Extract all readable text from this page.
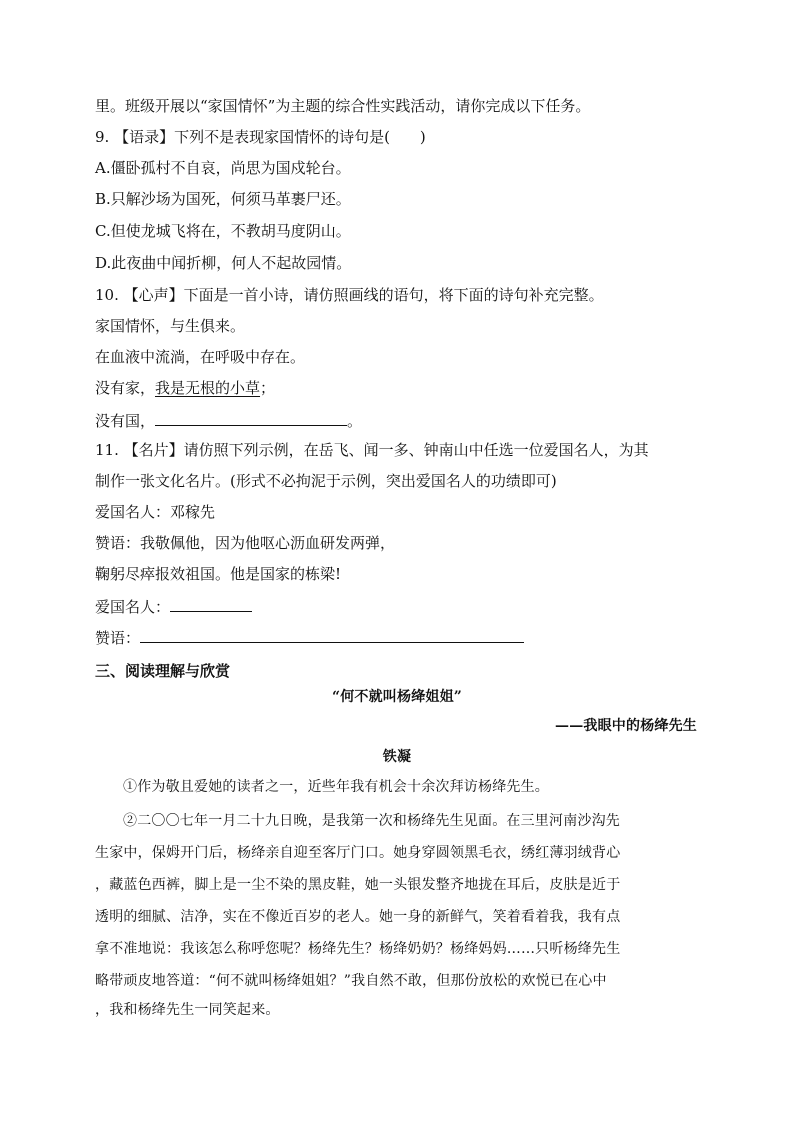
里。班级开展以“家国情怀”为主题的综合性实践活动，请你完成以下任务。
9. 【语录】下列不是表现家国情怀的诗句是(　　)
A.僵卧孤村不自哀，尚思为国戍轮台。
B.只解沙场为国死，何须马革裹尸还。
C.但使龙城飞将在，不教胡马度阴山。
D.此夜曲中闻折柳，何人不起故园情。
10. 【心声】下面是一首小诗，请仿照画线的语句，将下面的诗句补充完整。
家国情怀，与生俱来。
在血液中流淌，在呼吸中存在。
没有家，我是无根的小草；
没有国，	。
11. 【名片】请仿照下列示例，在岳飞、闻一多、钟南山中任选一位爱国名人，为其
制作一张文化名片。(形式不必拘泥于示例，突出爱国名人的功绩即可)
爱国名人：邓稼先
赞语：我敬佩他，因为他呕心沥血研发两弹，
鞠躬尽瘁报效祖国。他是国家的栋梁!
爱国名人：
赞语：
三、阅读理解与欣赏
“何不就叫杨绛姐姐”
——我眼中的杨绛先生
铁凝
①作为敬且爱她的读者之一，近些年我有机会十余次拜访杨绛先生。
②二〇〇七年一月二十九日晚，是我第一次和杨绛先生见面。在三里河南沙沟先
生家中，保姆开门后，杨绛亲自迎至客厅门口。她身穿圆领黑毛衣，绣红薄羽绒背心
，藏蓝色西裤，脚上是一尘不染的黑皮鞋，她一头银发整齐地拢在耳后，皮肤是近于
透明的细腻、洁净，实在不像近百岁的老人。她一身的新鲜气，笑着看着我，我有点
拿不准地说：我该怎么称呼您呢？杨绛先生？杨绛奶奶？杨绛妈妈……只听杨绛先生
略带顽皮地答道：“何不就叫杨绛姐姐？”我自然不敢，但那份放松的欢悦已在心中
，我和杨绛先生一同笑起来。
